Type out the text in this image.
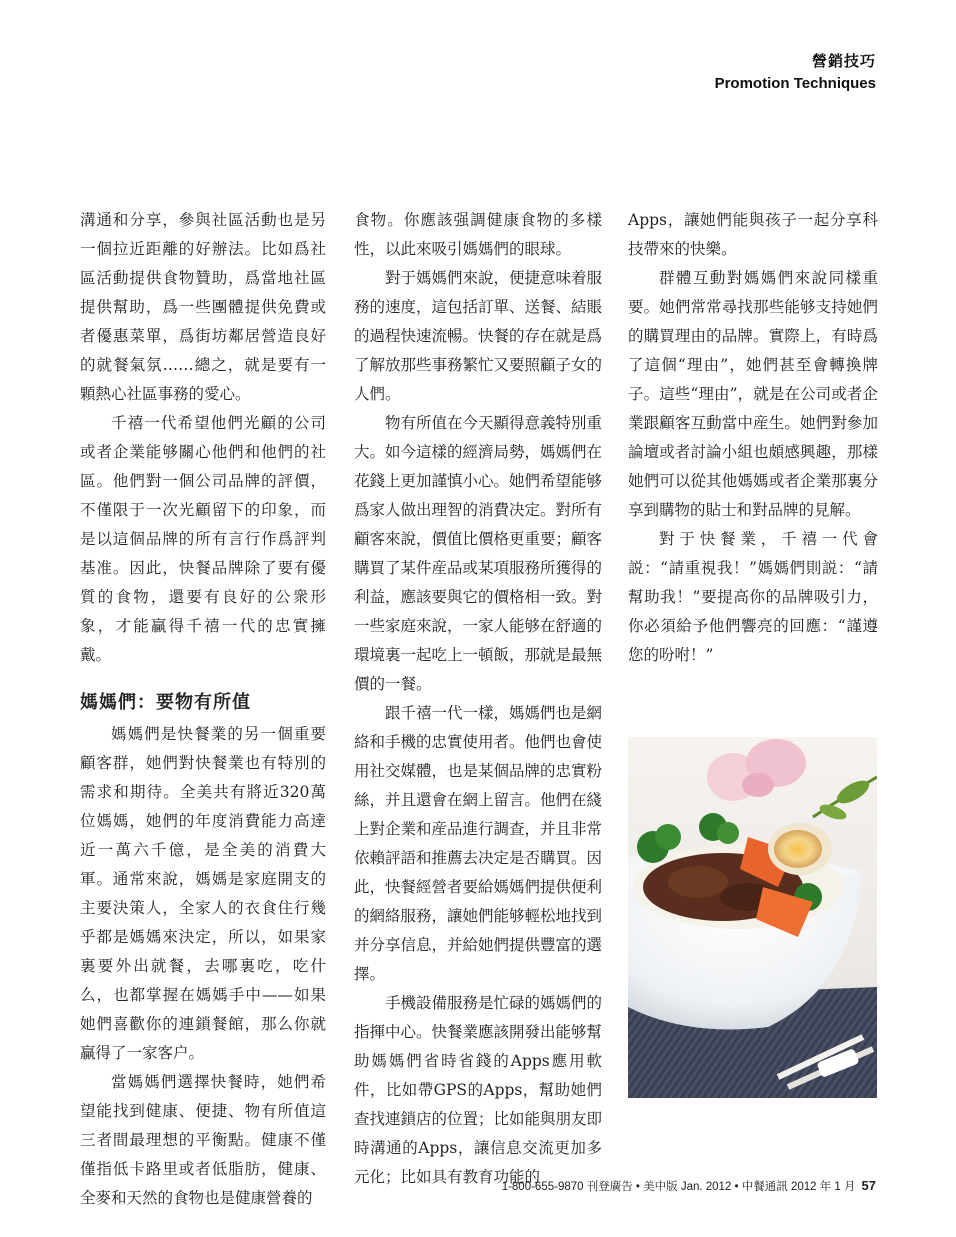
營銷技巧
Promotion Techniques

溝通和分享，參與社區活動也是另一個拉近距離的好辦法。比如爲社區活動提供食物贊助，爲當地社區提供幫助，爲一些團體提供免費或者優惠菜單，爲街坊鄰居營造良好的就餐氣氛……總之，就是要有一顆熱心社區事務的愛心。

千禧一代希望他們光顧的公司或者企業能够關心他們和他們的社區。他們對一個公司品牌的評價，不僅限于一次光顧留下的印象，而是以這個品牌的所有言行作爲評判基准。因此，快餐品牌除了要有優質的食物，還要有良好的公衆形象，才能贏得千禧一代的忠實擁戴。

媽媽們：要物有所值

媽媽們是快餐業的另一個重要顧客群，她們對快餐業也有特別的需求和期待。全美共有將近320萬位媽媽，她們的年度消費能力高達近一萬六千億，是全美的消費大軍。通常來說，媽媽是家庭開支的主要決策人，全家人的衣食住行幾乎都是媽媽來決定，所以，如果家裏要外出就餐，去哪裏吃，吃什么，也都掌握在媽媽手中——如果她們喜歡你的連鎖餐館，那么你就贏得了一家客户。

當媽媽們選擇快餐時，她們希望能找到健康、便捷、物有所值這三者間最理想的平衡點。健康不僅僅指低卡路里或者低脂肪，健康、全麥和天然的食物也是健康營養的

食物。你應該强調健康食物的多樣性，以此來吸引媽媽們的眼球。

對于媽媽們來說，便捷意味着服務的速度，這包括訂單、送餐、結賬的過程快速流暢。快餐的存在就是爲了解放那些事務繁忙又要照顧子女的人們。

物有所值在今天顯得意義特別重大。如今這樣的經濟局勢，媽媽們在花錢上更加謹慎小心。她們希望能够爲家人做出理智的消費决定。對所有顧客來說，價值比價格更重要；顧客購買了某件産品或某項服務所獲得的利益，應該要與它的價格相一致。對一些家庭來說，一家人能够在舒適的環境裏一起吃上一頓飯，那就是最無價的一餐。

跟千禧一代一樣，媽媽們也是網絡和手機的忠實使用者。他們也會使用社交媒體，也是某個品牌的忠實粉絲，并且還會在網上留言。他們在綫上對企業和産品進行調查，并且非常依賴評語和推薦去决定是否購買。因此，快餐經營者要給媽媽們提供便利的網絡服務，讓她們能够輕松地找到并分享信息，并給她們提供豐富的選擇。

手機設備服務是忙碌的媽媽們的指揮中心。快餐業應該開發出能够幫助媽媽們省時省錢的Apps應用軟件，比如帶GPS的Apps，幫助她們查找連鎖店的位置；比如能與朋友即時溝通的Apps，讓信息交流更加多元化；比如具有教育功能的

Apps，讓她們能與孩子一起分享科技帶來的快樂。

群體互動對媽媽們來說同樣重要。她們常常尋找那些能够支持她們的購買理由的品牌。實際上，有時爲了這個“理由”，她們甚至會轉換牌子。這些“理由”，就是在公司或者企業跟顧客互動當中産生。她們對參加論壇或者討論小組也頗感興趣，那樣她們可以從其他媽媽或者企業那裏分享到購物的貼士和對品牌的見解。

對于快餐業，千禧一代會説：“請重視我！”媽媽們則説：“請幫助我！”要提高你的品牌吸引力，你必須給予他們響亮的回應：“謹遵您的吩咐！”

1-800-655-9870 刊登廣告 • 美中版 Jan. 2012 • 中餐通訊 2012 年 1 月 57
